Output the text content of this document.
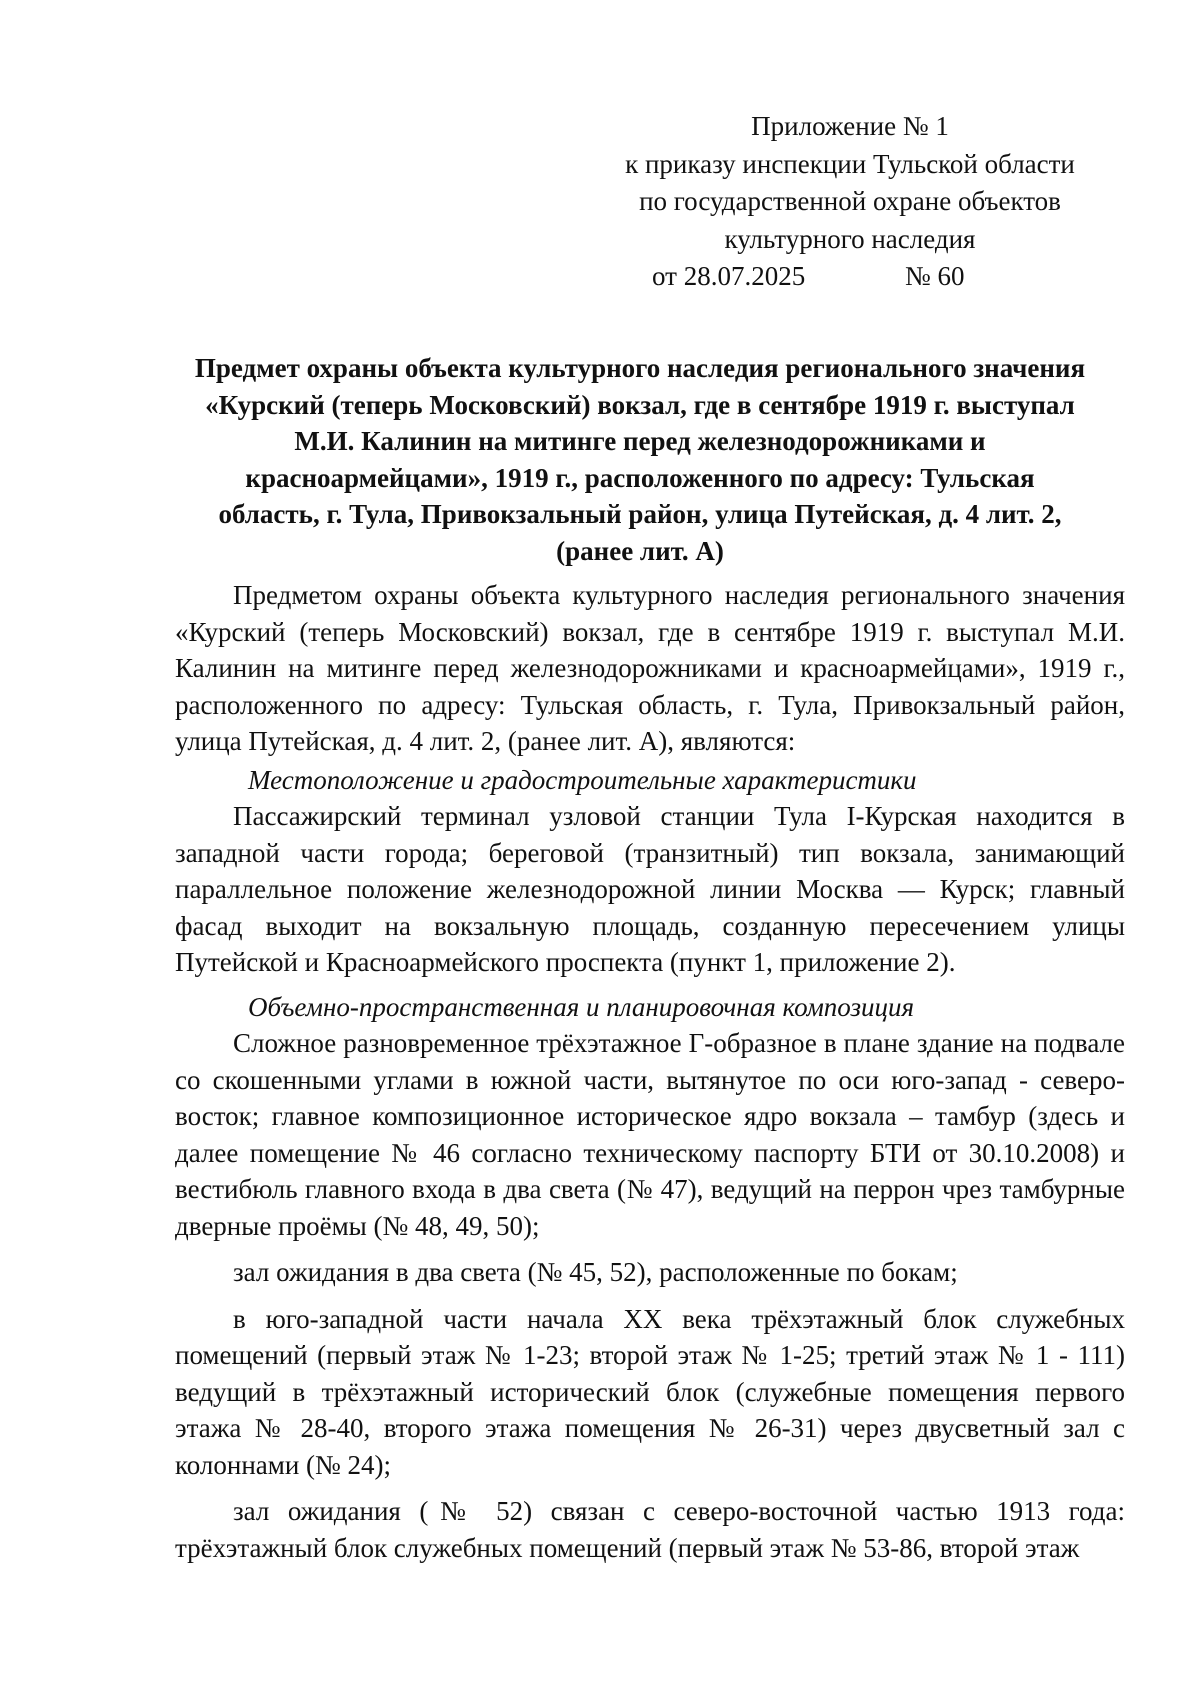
Приложение № 1
к приказу инспекции Тульской области
по государственной охране объектов
культурного наследия
от 28.07.2025	№ 60
Предмет охраны объекта культурного наследия регионального значения
«Курский (теперь Московский) вокзал, где в сентябре 1919 г. выступал
М.И. Калинин на митинге перед железнодорожниками и
красноармейцами», 1919 г., расположенного по адресу: Тульская
область, г. Тула, Привокзальный район, улица Путейская, д. 4 лит. 2,
(ранее лит. А)

Предметом охраны объекта культурного наследия регионального значения «Курский (теперь Московский) вокзал, где в сентябре 1919 г. выступал М.И. Калинин на митинге перед железнодорожниками и красноармейцами», 1919 г., расположенного по адресу: Тульская область, г. Тула, Привокзальный район, улица Путейская, д. 4 лит. 2, (ранее лит. А), являются:

Местоположение и градостроительные характеристики

Пассажирский терминал узловой станции Тула I-Курская находится в западной части города; береговой (транзитный) тип вокзала, занимающий параллельное положение железнодорожной линии Москва — Курск; главный фасад выходит на вокзальную площадь, созданную пересечением улицы Путейской и Красноармейского проспекта (пункт 1, приложение 2).

Объемно-пространственная и планировочная композиция

Сложное разновременное трёхэтажное Г-образное в плане здание на подвале со скошенными углами в южной части, вытянутое по оси юго-запад - северо-восток; главное композиционное историческое ядро вокзала – тамбур (здесь и далее помещение № 46 согласно техническому паспорту БТИ от 30.10.2008) и вестибюль главного входа в два света (№ 47), ведущий на перрон чрез тамбурные дверные проёмы (№ 48, 49, 50);

зал ожидания в два света (№ 45, 52), расположенные по бокам;

в юго-западной части начала XX века трёхэтажный блок служебных помещений (первый этаж № 1-23; второй этаж № 1-25; третий этаж № 1 - 111) ведущий в трёхэтажный исторический блок (служебные помещения первого этажа № 28-40, второго этажа помещения № 26-31) через двусветный зал с колоннами (№ 24);

зал ожидания (№ 52) связан с северо-восточной частью 1913 года: трёхэтажный блок служебных помещений (первый этаж № 53-86, второй этаж
